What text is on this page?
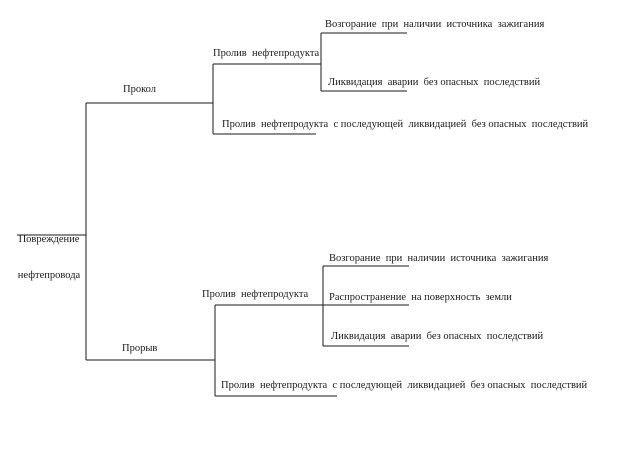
Повреждение

нефтепровода

Прокол
Пролив  нефтепродукта
Возгорание  при  наличии  источника  зажигания
Ликвидация  аварии  без опасных  последствий
Пролив  нефтепродукта  с последующей  ликвидацией  без опасных  последствий
Прорыв
Пролив  нефтепродукта
Возгорание  при  наличии  источника  зажигания
Распространение  на поверхность  земли
Ликвидация  аварии  без опасных  последствий
Пролив  нефтепродукта  с последующей  ликвидацией  без опасных  последствий
